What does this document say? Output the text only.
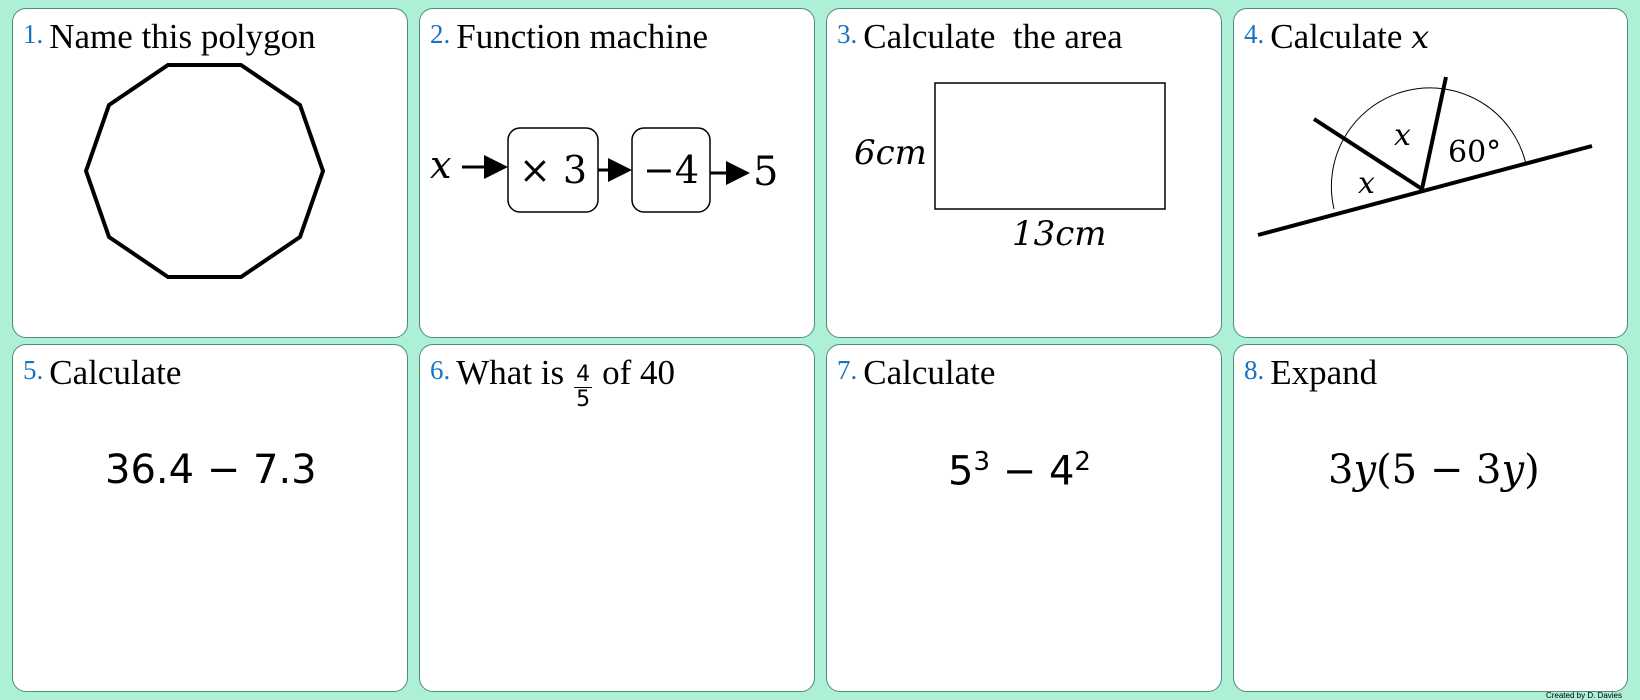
1. Name this polygon	2. Function machine
x × 3 −4 5
3. Calculate  the area
6cm
13cm
4. Calculate x
x
x 60°
5. Calculate
36.4 − 7.3
6. What is $\frac{4}{5}$ of 40	7. Calculate
$5^3 - 4^2$
8. Expand
3𝑦(5 − 3𝑦)
Created by D. Davies
